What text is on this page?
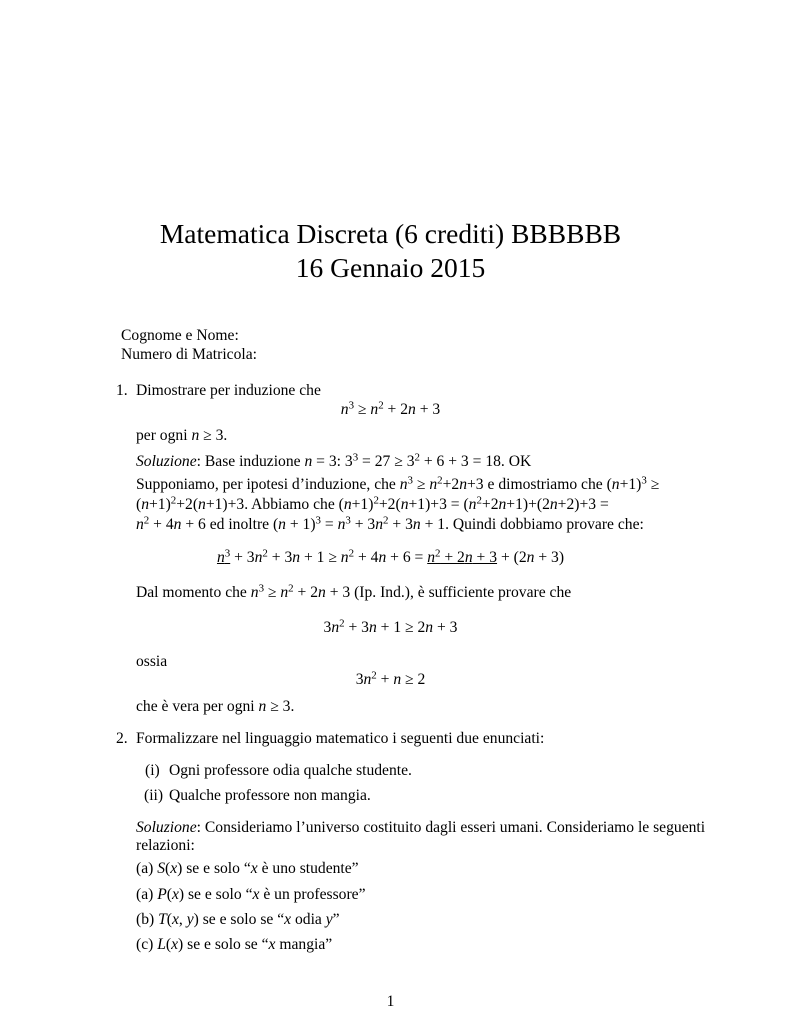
Matematica Discreta (6 crediti) BBBBBB
16 Gennaio 2015
Cognome e Nome:
Numero di Matricola:
1. Dimostrare per induzione che
$n^3 \ge n^2 + 2n + 3$
per ogni n ≥ 3.
Soluzione: Base induzione n = 3: $3^3 = 27 \ge 3^2 + 6 + 3 = 18$. OK
Supponiamo, per ipotesi d’induzione, che $n^3 \ge n^2+2n+3$ e dimostriamo che $(n+1)^3$ ≥
$(n+1)^2+2(n+1)+3$. Abbiamo che $(n+1)^2+2(n+1)+3 = (n^2+2n+1)+(2n+2)+3$ =
$n^2 + 4n + 6$ ed inoltre $(n + 1)^3 = n^3 + 3n^2 + 3n + 1$. Quindi dobbiamo provare che:
$n^3 + 3n^2 + 3n + 1 \ge n^2 + 4n + 6 = n^2 + 2n + 3 + (2n + 3)$
Dal momento che $n^3 \ge n^2 + 2n + 3$ (Ip. Ind.), è sufficiente provare che
$3n^2 + 3n + 1 \ge 2n + 3$
ossia
$3n^2 + n \ge 2$
che è vera per ogni n ≥ 3.
2. Formalizzare nel linguaggio matematico i seguenti due enunciati:
(i) Ogni professore odia qualche studente.
(ii) Qualche professore non mangia.
Soluzione: Consideriamo l’universo costituito dagli esseri umani. Consideriamo le seguenti
relazioni:
(a) S(x) se e solo “x è uno studente”
(a) P(x) se e solo “x è un professore”
(b) T(x, y) se e solo se “x odia y”
(c) L(x) se e solo se “x mangia”
1
